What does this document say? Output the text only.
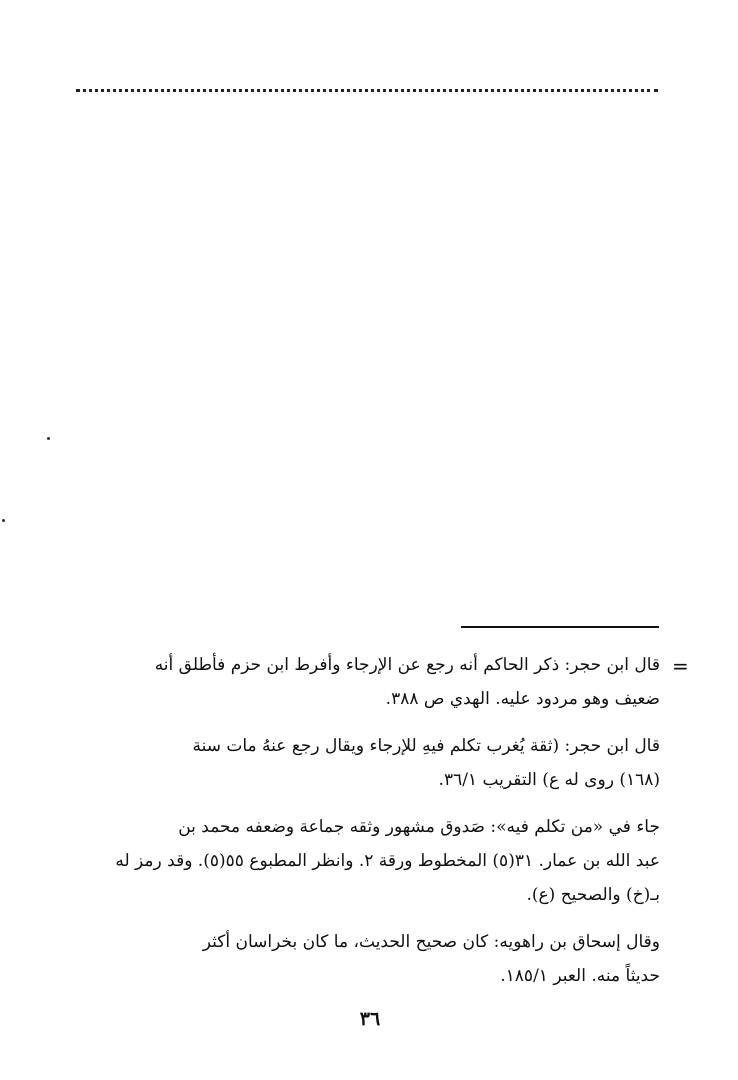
=

قال ابن حجر: ذكر الحاكم أنه رجع عن الإرجاء وأفرط ابن حزم فأطلق أنه
ضعيف وهو مردود عليه. الهدي ص ٣٨٨.

قال ابن حجر: (ثقة يُغرب تكلم فيهِ للإرجاء ويقال رجع عنهُ مات سنة
(١٦٨) روى له ع) التقريب ٣٦/١.

جاء في «من تكلم فيه»: صَدوق مشهور وثقه جماعة وضعفه محمد بن
عبد الله بن عمار. ٣١(٥) المخطوط ورقة ٢. وانظر المطبوع ٥٥(٥). وقد رمز له
بـ(خ) والصحيح (ع).

وقال إسحاق بن راهويه: كان صحيح الحديث، ما كان بخراسان أكثر
حديثاً منه. العبر ١٨٥/١.

٣٦
